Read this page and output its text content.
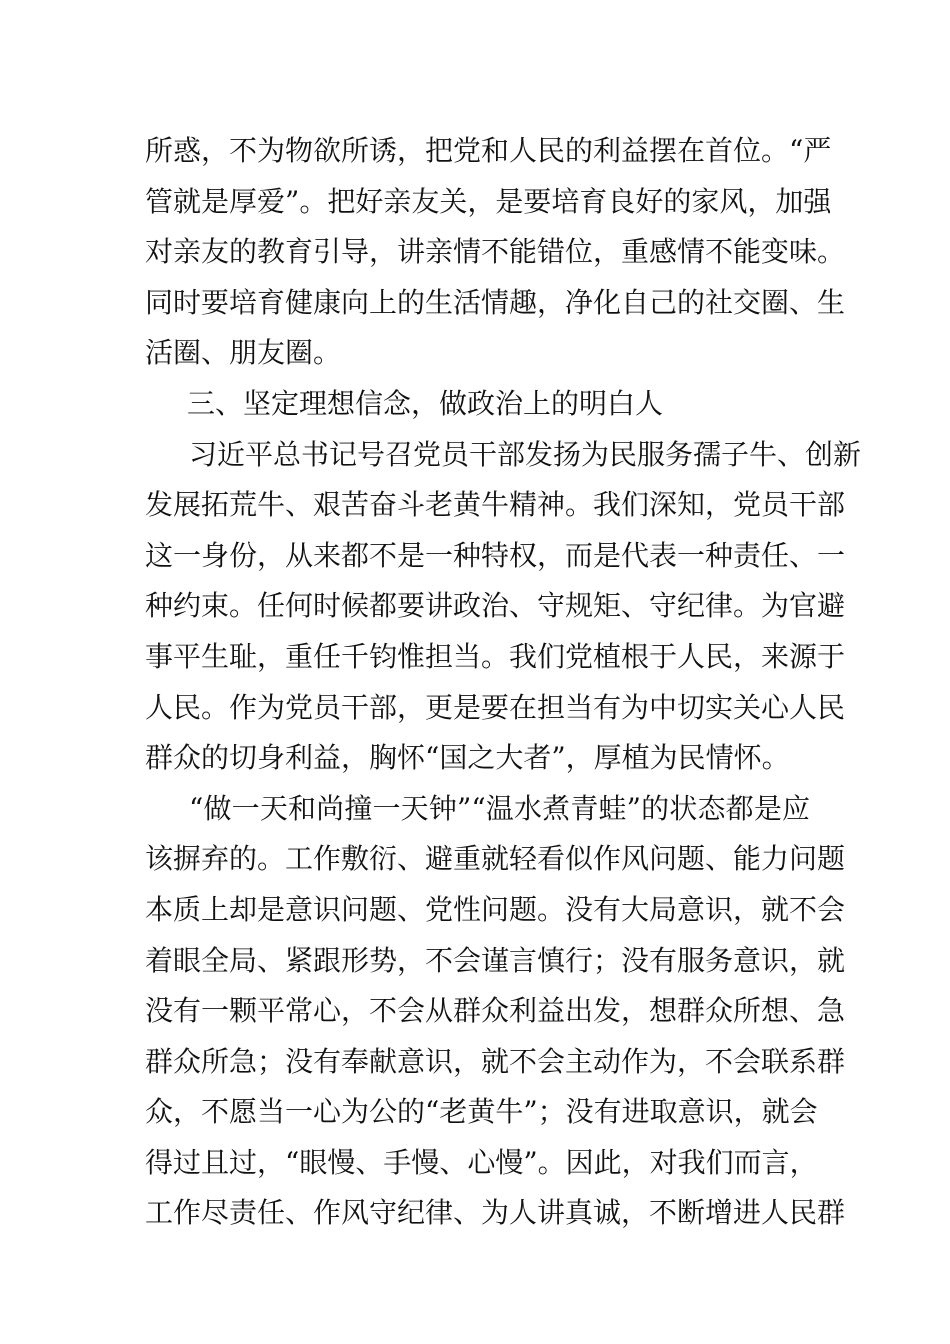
所惑，不为物欲所诱，把党和人民的利益摆在首位。“严
管就是厚爱”。把好亲友关，是要培育良好的家风，加强
对亲友的教育引导，讲亲情不能错位，重感情不能变味。
同时要培育健康向上的生活情趣，净化自己的社交圈、生
活圈、朋友圈。
三、坚定理想信念，做政治上的明白人
习近平总书记号召党员干部发扬为民服务孺子牛、创新
发展拓荒牛、艰苦奋斗老黄牛精神。我们深知，党员干部
这一身份，从来都不是一种特权，而是代表一种责任、一
种约束。任何时候都要讲政治、守规矩、守纪律。为官避
事平生耻，重任千钧惟担当。我们党植根于人民，来源于
人民。作为党员干部，更是要在担当有为中切实关心人民
群众的切身利益，胸怀“国之大者”，厚植为民情怀。
“做一天和尚撞一天钟”“温水煮青蛙”的状态都是应
该摒弃的。工作敷衍、避重就轻看似作风问题、能力问题
本质上却是意识问题、党性问题。没有大局意识，就不会
着眼全局、紧跟形势，不会谨言慎行；没有服务意识，就
没有一颗平常心，不会从群众利益出发，想群众所想、急
群众所急；没有奉献意识，就不会主动作为，不会联系群
众，不愿当一心为公的“老黄牛”；没有进取意识，就会
得过且过，“眼慢、手慢、心慢”。因此，对我们而言，
工作尽责任、作风守纪律、为人讲真诚，不断增进人民群
